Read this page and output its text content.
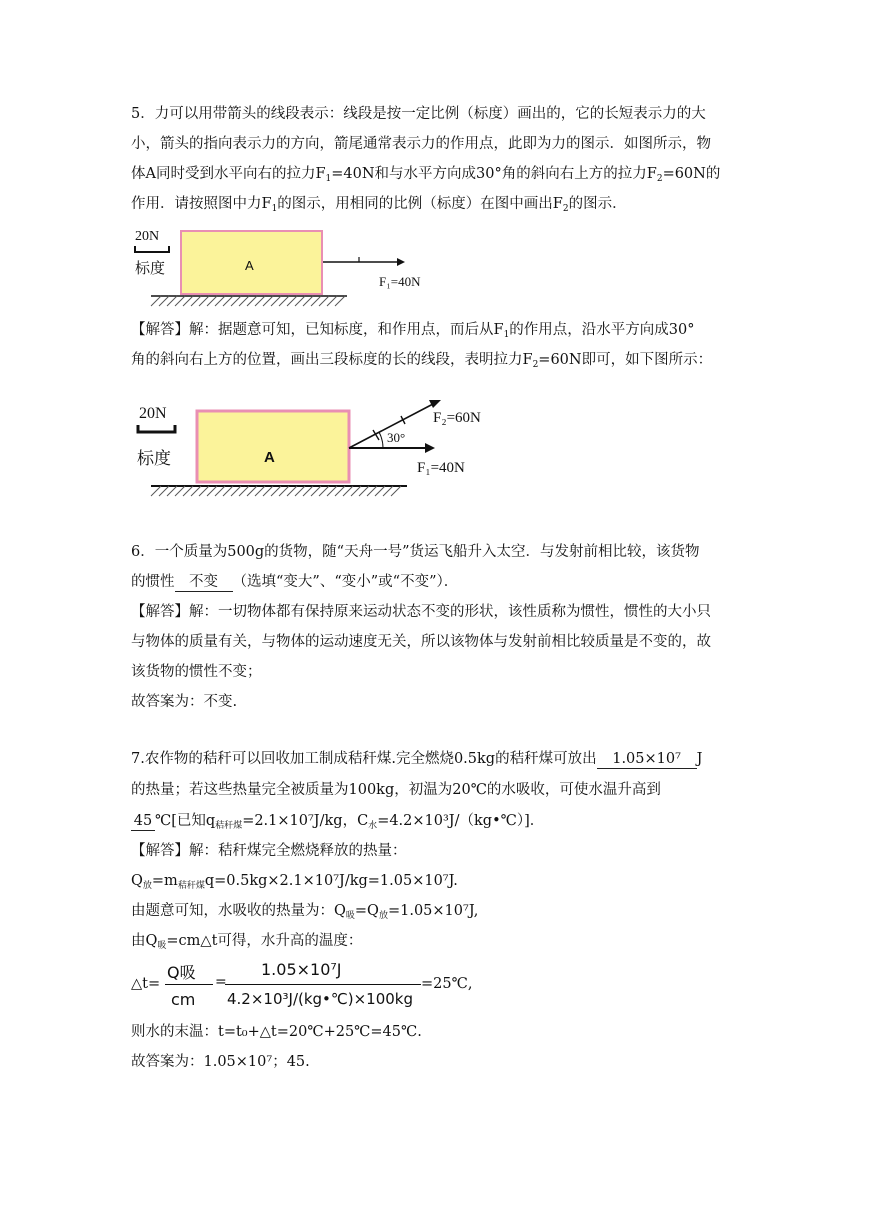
5．力可以用带箭头的线段表示：线段是按一定比例（标度）画出的，它的长短表示力的大
小，箭头的指向表示力的方向，箭尾通常表示力的作用点，此即为力的图示．如图所示，物
体A同时受到水平向右的拉力$F_1=40N$和与水平方向成30°角的斜向右上方的拉力$F_2=60N$的
作用．请按照图中力$F_1$的图示，用相同的比例（标度）在图中画出$F_2$的图示．
20N
标度	A
F₁=40N
【解答】解：据题意可知，已知标度，和作用点，而后从$F_1$的作用点，沿水平方向成30°
角的斜向右上方的位置，画出三段标度的长的线段，表明拉力$F_2=60N$即可，如下图所示：
20N
标度	A
F₁=40N
30°
F₂=60N
6．一个质量为500g的货物，随“天舟一号”货运飞船升入太空．与发射前相比较，该货物
的惯性 不变 （选填“变大”、“变小”或“不变”）．
【解答】解：一切物体都有保持原来运动状态不变的形状，该性质称为惯性，惯性的大小只
与物体的质量有关，与物体的运动速度无关，所以该物体与发射前相比较质量是不变的，故
该货物的惯性不变；
故答案为：不变.
7.农作物的秸秆可以回收加工制成秸秆煤.完全燃烧0.5kg的秸秆煤可放出 1.05×10⁷ J
的热量；若这些热量完全被质量为100kg，初温为20℃的水吸收，可使水温升高到
45 ℃[已知$q_{秸秆煤}=2.1\times 10^7J/kg$，$C_水=4.2\times 10^3J/(kg•℃)$]．
【解答】解：秸秆煤完全燃烧释放的热量：
$Q_放=m_{秸秆煤}q=0.5kg\times 2.1\times 10^7J/kg=1.05\times 10^7J$.
由题意可知，水吸收的热量为：$Q_吸=Q_放=1.05\times 10^7J$,
由$Q_吸=cm\triangle t$可得，水升高的温度：
△t=
Q吸
cm
=
1.05×10⁷J
4.2×10³J/(kg•℃)×100kg
=25℃,
则水的末温：t=t₀+△t=20℃+25℃=45℃.
故答案为：1.05×10⁷；45.
